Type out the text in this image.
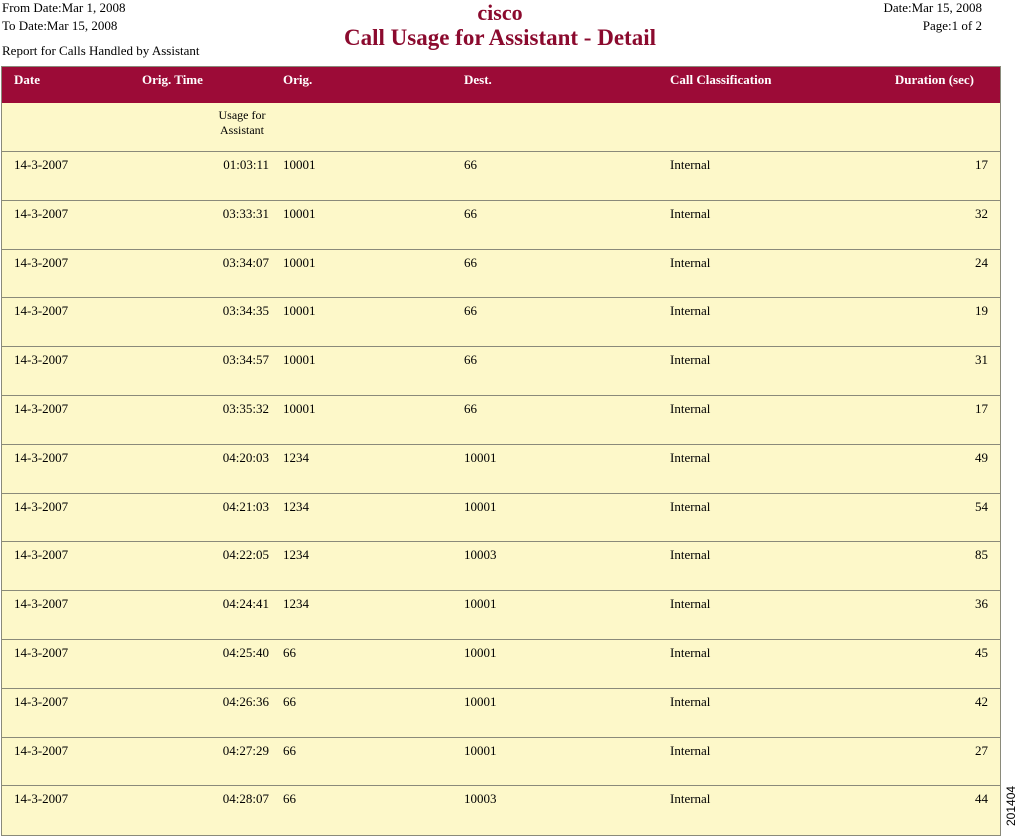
From Date:Mar 1, 2008
To Date:Mar 15, 2008
Report for Calls Handled by Assistant
cisco
Call Usage for Assistant - Detail
Date:Mar 15, 2008
Page:1 of 2
Date	Orig. Time	Orig.	Dest.	Call Classification	Duration (sec)
Usage for Assistant
14-3-2007	01:03:11	10001	66	Internal	17
14-3-2007	03:33:31	10001	66	Internal	32
14-3-2007	03:34:07	10001	66	Internal	24
14-3-2007	03:34:35	10001	66	Internal	19
14-3-2007	03:34:57	10001	66	Internal	31
14-3-2007	03:35:32	10001	66	Internal	17
14-3-2007	04:20:03	1234	10001	Internal	49
14-3-2007	04:21:03	1234	10001	Internal	54
14-3-2007	04:22:05	1234	10003	Internal	85
14-3-2007	04:24:41	1234	10001	Internal	36
14-3-2007	04:25:40	66	10001	Internal	45
14-3-2007	04:26:36	66	10001	Internal	42
14-3-2007	04:27:29	66	10001	Internal	27
14-3-2007	04:28:07	66	10003	Internal	44	201404
